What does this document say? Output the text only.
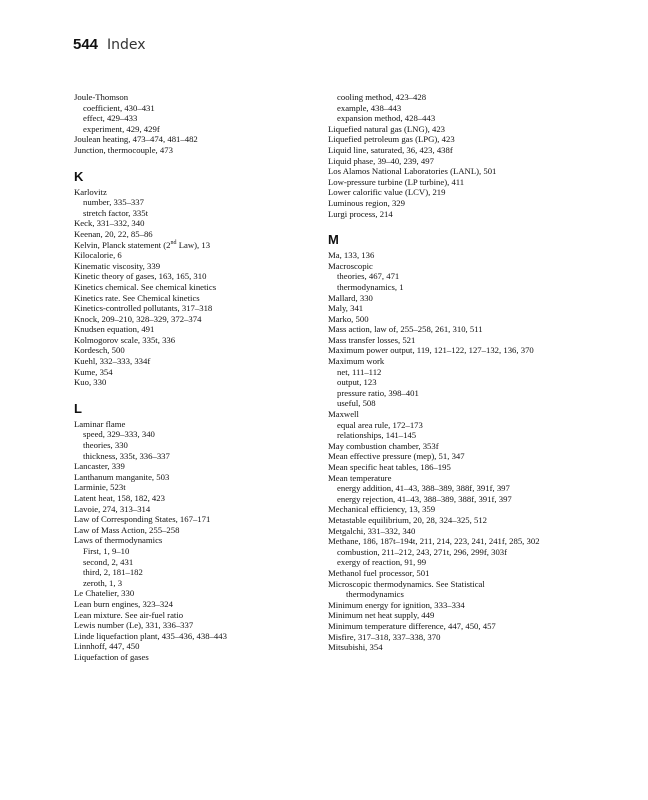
544 Index
Joule-Thomson
coefficient, 430–431
effect, 429–433
experiment, 429, 429f
Joulean heating, 473–474, 481–482
Junction, thermocouple, 473
K
Karlovitz
number, 335–337
stretch factor, 335t
Keck, 331–332, 340
Keenan, 20, 22, 85–86
Kelvin, Planck statement (2nd Law), 13
Kilocalorie, 6
Kinematic viscosity, 339
Kinetic theory of gases, 163, 165, 310
Kinetics chemical. See chemical kinetics
Kinetics rate. See Chemical kinetics
Kinetics-controlled pollutants, 317–318
Knock, 209–210, 328–329, 372–374
Knudsen equation, 491
Kolmogorov scale, 335t, 336
Kordesch, 500
Kuehl, 332–333, 334f
Kume, 354
Kuo, 330
L
Laminar flame
speed, 329–333, 340
theories, 330
thickness, 335t, 336–337
Lancaster, 339
Lanthanum manganite, 503
Larminie, 523t
Latent heat, 158, 182, 423
Lavoie, 274, 313–314
Law of Corresponding States, 167–171
Law of Mass Action, 255–258
Laws of thermodynamics
First, 1, 9–10
second, 2, 431
third, 2, 181–182
zeroth, 1, 3
Le Chatelier, 330
Lean burn engines, 323–324
Lean mixture. See air-fuel ratio
Lewis number (Le), 331, 336–337
Linde liquefaction plant, 435–436, 438–443
Linnhoff, 447, 450
Liquefaction of gases
cooling method, 423–428
example, 438–443
expansion method, 428–443
Liquefied natural gas (LNG), 423
Liquefied petroleum gas (LPG), 423
Liquid line, saturated, 36, 423, 438f
Liquid phase, 39–40, 239, 497
Los Alamos National Laboratories (LANL), 501
Low-pressure turbine (LP turbine), 411
Lower calorific value (LCV), 219
Luminous region, 329
Lurgi process, 214
M
Ma, 133, 136
Macroscopic
theories, 467, 471
thermodynamics, 1
Mallard, 330
Maly, 341
Marko, 500
Mass action, law of, 255–258, 261, 310, 511
Mass transfer losses, 521
Maximum power output, 119, 121–122, 127–132, 136, 370
Maximum work
net, 111–112
output, 123
pressure ratio, 398–401
useful, 508
Maxwell
equal area rule, 172–173
relationships, 141–145
May combustion chamber, 353f
Mean effective pressure (mep), 51, 347
Mean specific heat tables, 186–195
Mean temperature
energy addition, 41–43, 388–389, 388f, 391f, 397
energy rejection, 41–43, 388–389, 388f, 391f, 397
Mechanical efficiency, 13, 359
Metastable equilibrium, 20, 28, 324–325, 512
Metgalchi, 331–332, 340
Methane, 186, 187t–194t, 211, 214, 223, 241, 241f, 285, 302
combustion, 211–212, 243, 271t, 296, 299f, 303f
exergy of reaction, 91, 99
Methanol fuel processor, 501
Microscopic thermodynamics. See Statistical
thermodynamics
Minimum energy for ignition, 333–334
Minimum net heat supply, 449
Minimum temperature difference, 447, 450, 457
Misfire, 317–318, 337–338, 370
Mitsubishi, 354
